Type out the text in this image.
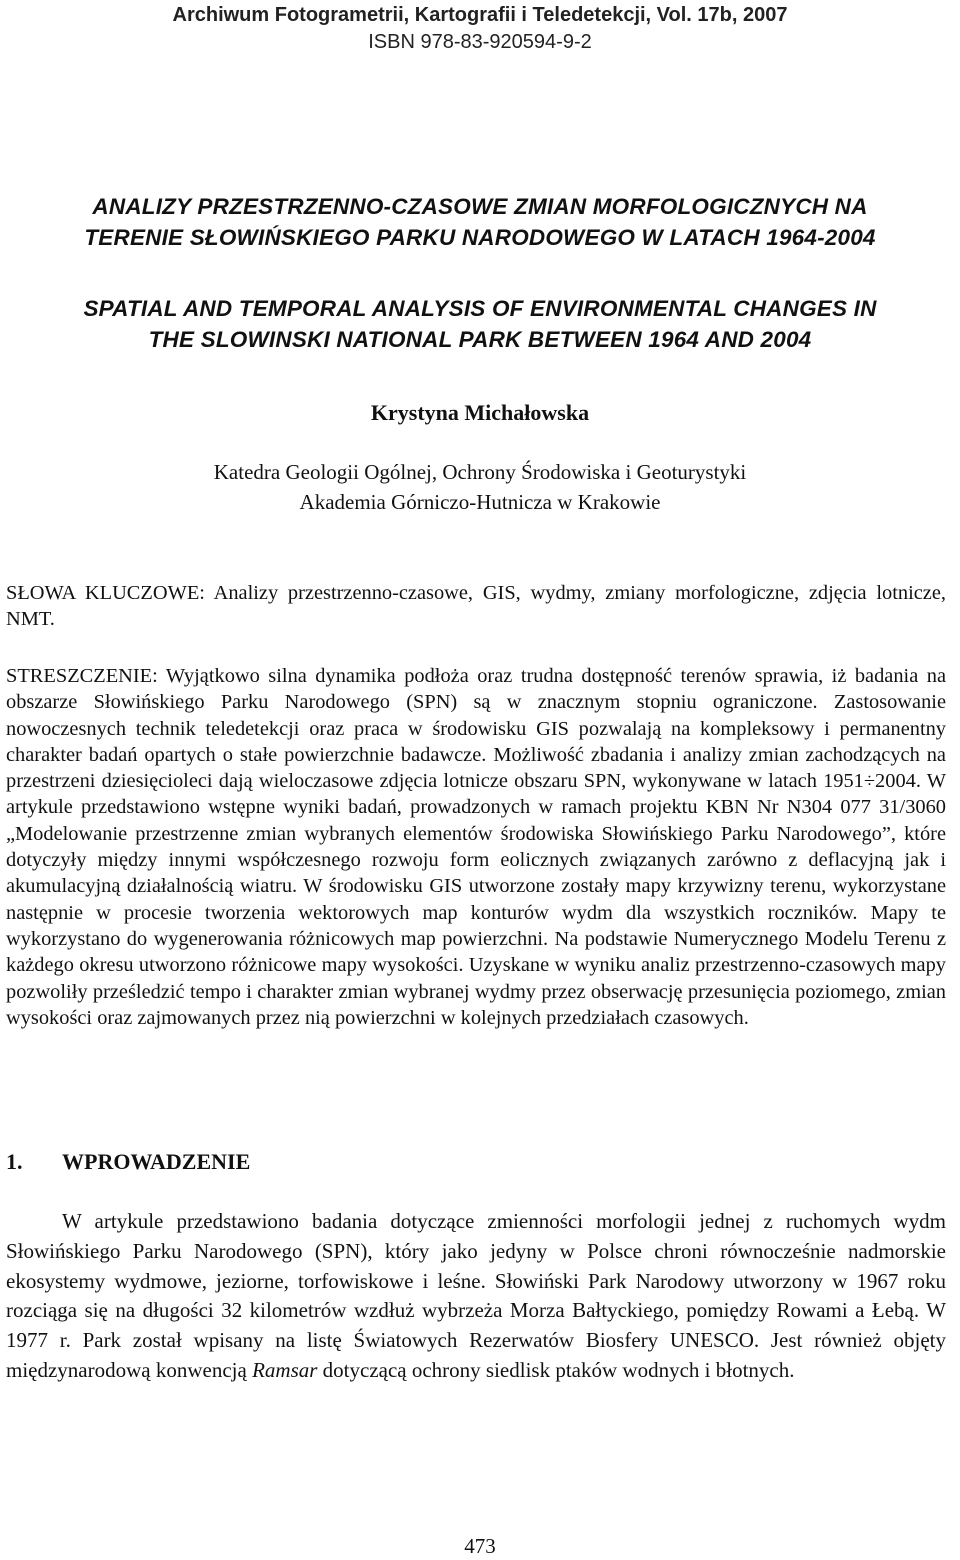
Archiwum Fotogrametrii, Kartografii i Teledetekcji, Vol. 17b, 2007
ISBN 978-83-920594-9-2
ANALIZY PRZESTRZENNO-CZASOWE ZMIAN MORFOLOGICZNYCH NA
TERENIE SŁOWIŃSKIEGO PARKU NARODOWEGO W LATACH 1964-2004
SPATIAL AND TEMPORAL ANALYSIS OF ENVIRONMENTAL CHANGES IN
THE SLOWINSKI NATIONAL PARK BETWEEN 1964 AND 2004
Krystyna Michałowska
Katedra Geologii Ogólnej, Ochrony Środowiska i Geoturystyki
Akademia Górniczo-Hutnicza w Krakowie

SŁOWA KLUCZOWE: Analizy przestrzenno-czasowe, GIS, wydmy, zmiany morfologiczne, zdjęcia lotnicze, NMT.

STRESZCZENIE: Wyjątkowo silna dynamika podłoża oraz trudna dostępność terenów sprawia, iż badania na obszarze Słowińskiego Parku Narodowego (SPN) są w znacznym stopniu ograniczone. Zastosowanie nowoczesnych technik teledetekcji oraz praca w środowisku GIS pozwalają na kompleksowy i permanentny charakter badań opartych o stałe powierzchnie badawcze. Możliwość zbadania i analizy zmian zachodzących na przestrzeni dziesięcioleci dają wieloczasowe zdjęcia lotnicze obszaru SPN, wykonywane w latach 1951÷2004. W artykule przedstawiono wstępne wyniki badań, prowadzonych w ramach projektu KBN Nr N304 077 31/3060 „Modelowanie przestrzenne zmian wybranych elementów środowiska Słowińskiego Parku Narodowego”, które dotyczyły między innymi współczesnego rozwoju form eolicznych związanych zarówno z deflacyjną jak i akumulacyjną działalnością wiatru. W środowisku GIS utworzone zostały mapy krzywizny terenu, wykorzystane następnie w procesie tworzenia wektorowych map konturów wydm dla wszystkich roczników. Mapy te wykorzystano do wygenerowania różnicowych map powierzchni. Na podstawie Numerycznego Modelu Terenu z każdego okresu utworzono różnicowe mapy wysokości. Uzyskane w wyniku analiz przestrzenno-czasowych mapy pozwoliły prześledzić tempo i charakter zmian wybranej wydmy przez obserwację przesunięcia poziomego, zmian wysokości oraz zajmowanych przez nią powierzchni w kolejnych przedziałach czasowych.

1. WPROWADZENIE

W artykule przedstawiono badania dotyczące zmienności morfologii jednej z ruchomych wydm Słowińskiego Parku Narodowego (SPN), który jako jedyny w Polsce chroni równocześnie nadmorskie ekosystemy wydmowe, jeziorne, torfowiskowe i leśne. Słowiński Park Narodowy utworzony w 1967 roku rozciąga się na długości 32 kilometrów wzdłuż wybrzeża Morza Bałtyckiego, pomiędzy Rowami a Łebą. W 1977 r. Park został wpisany na listę Światowych Rezerwatów Biosfery UNESCO. Jest również objęty międzynarodową konwencją Ramsar dotyczącą ochrony siedlisk ptaków wodnych i błotnych.

473
